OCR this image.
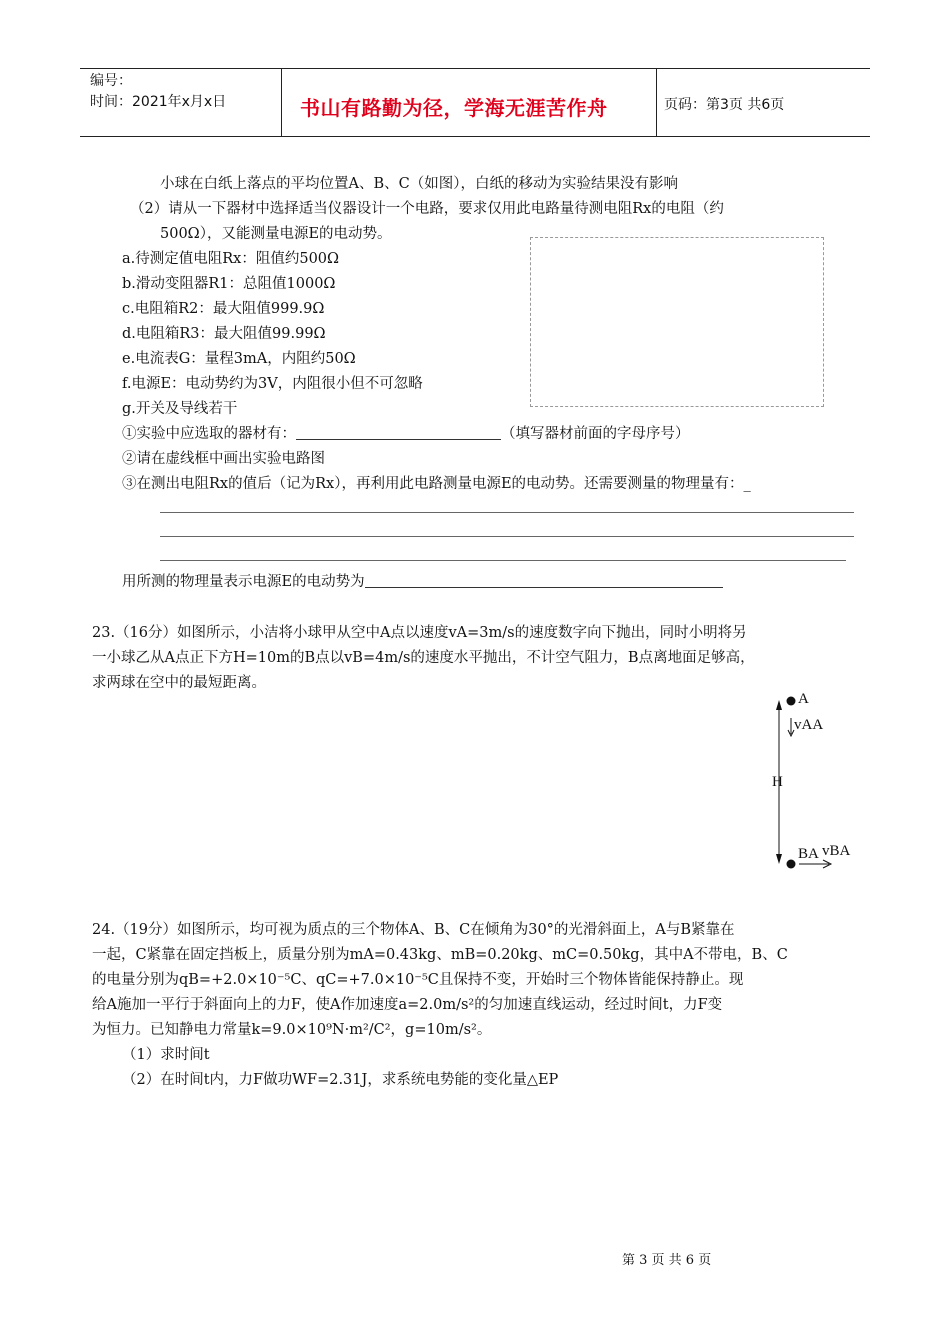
编号：
时间：2021年x月x日	书山有路勤为径，学海无涯苦作舟	页码：第3页 共6页
小球在白纸上落点的平均位置A、B、C（如图），白纸的移动为实验结果没有影响
（2）请从一下器材中选择适当仪器设计一个电路，要求仅用此电路量待测电阻Rx的电阻（约
500Ω），又能测量电源E的电动势。
a.待测定值电阻Rx：阻值约500Ω
b.滑动变阻器R1：总阻值1000Ω
c.电阻箱R2：最大阻值999.9Ω
d.电阻箱R3：最大阻值99.99Ω
e.电流表G：量程3mA，内阻约50Ω
f.电源E：电动势约为3V，内阻很小但不可忽略
g.开关及导线若干
①实验中应选取的器材有：	（填写器材前面的字母序号）
②请在虚线框中画出实验电路图
③在测出电阻Rx的值后（记为Rx），再利用此电路测量电源E的电动势。还需要测量的物理量有：_
用所测的物理量表示电源E的电动势为
23.（16分）如图所示，小洁将小球甲从空中A点以速度vA=3m/s的速度数字向下抛出，同时小明将另
一小球乙从A点正下方H=10m的B点以vB=4m/s的速度水平抛出，不计空气阻力，B点离地面足够高，
求两球在空中的最短距离。
A
vAA
H
BA vBA
24.（19分）如图所示，均可视为质点的三个物体A、B、C在倾角为30°的光滑斜面上，A与B紧靠在
一起，C紧靠在固定挡板上，质量分别为mA=0.43kg、mB=0.20kg、mC=0.50kg，其中A不带电，B、C
的电量分别为qB=+2.0×10⁻⁵C、qC=+7.0×10⁻⁵C且保持不变，开始时三个物体皆能保持静止。现
给A施加一平行于斜面向上的力F，使A作加速度a=2.0m/s²的匀加速直线运动，经过时间t，力F变
为恒力。已知静电力常量k=9.0×10⁹N·m²/C²，g=10m/s²。
（1）求时间t
（2）在时间t内，力F做功WF=2.31J，求系统电势能的变化量△EP
第 3 页 共 6 页
